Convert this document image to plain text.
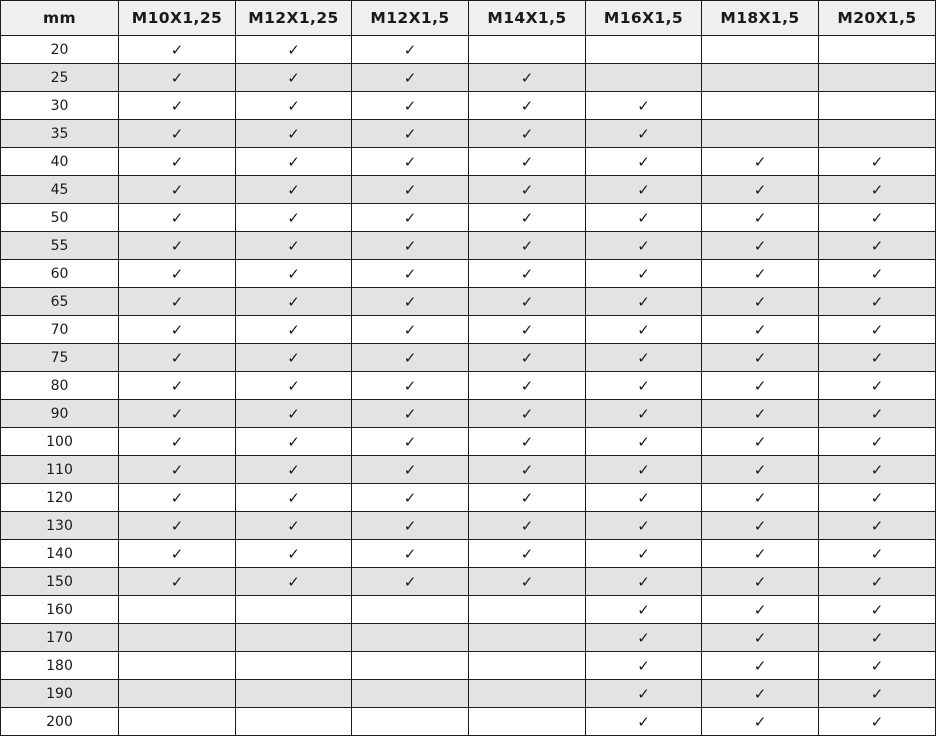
mm	M10X1,25	M12X1,25	M12X1,5	M14X1,5	M16X1,5	M18X1,5	M20X1,5
20	✓	✓	✓				
25	✓	✓	✓	✓			
30	✓	✓	✓	✓	✓		
35	✓	✓	✓	✓	✓		
40	✓	✓	✓	✓	✓	✓	✓
45	✓	✓	✓	✓	✓	✓	✓
50	✓	✓	✓	✓	✓	✓	✓
55	✓	✓	✓	✓	✓	✓	✓
60	✓	✓	✓	✓	✓	✓	✓
65	✓	✓	✓	✓	✓	✓	✓
70	✓	✓	✓	✓	✓	✓	✓
75	✓	✓	✓	✓	✓	✓	✓
80	✓	✓	✓	✓	✓	✓	✓
90	✓	✓	✓	✓	✓	✓	✓
100	✓	✓	✓	✓	✓	✓	✓
110	✓	✓	✓	✓	✓	✓	✓
120	✓	✓	✓	✓	✓	✓	✓
130	✓	✓	✓	✓	✓	✓	✓
140	✓	✓	✓	✓	✓	✓	✓
150	✓	✓	✓	✓	✓	✓	✓
160					✓	✓	✓
170					✓	✓	✓
180					✓	✓	✓
190					✓	✓	✓
200					✓	✓	✓
